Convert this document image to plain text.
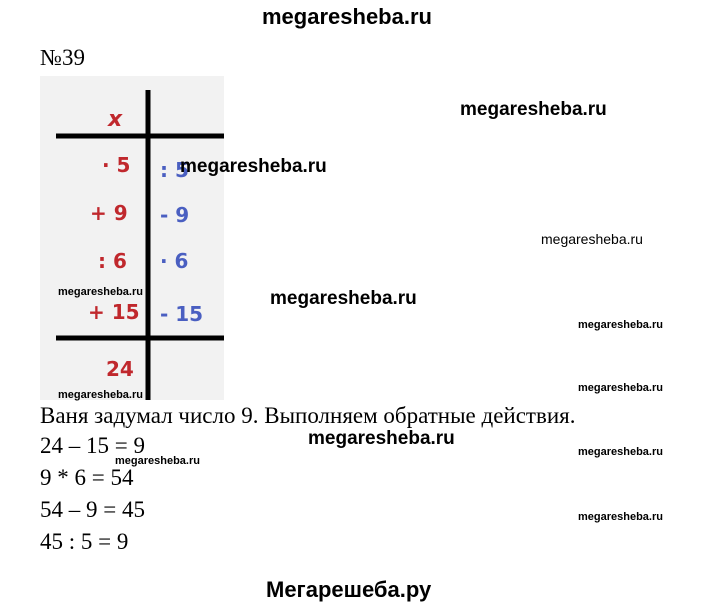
megaresheba.ru
№39
x
· 5
+ 9
: 6
+ 15
: 5
- 9
· 6
- 15
24
megaresheba.ru
megaresheba.ru
megaresheba.ru
megaresheba.ru
megaresheba.ru
megaresheba.ru
megaresheba.ru
megaresheba.ru
megaresheba.ru
megaresheba.ru
megaresheba.ru
megaresheba.ru
Ваня задумал число 9. Выполняем обратные действия.
24 – 15 = 9
9 * 6 = 54
54 – 9 = 45
45 : 5 = 9
Мегарешеба.ру
